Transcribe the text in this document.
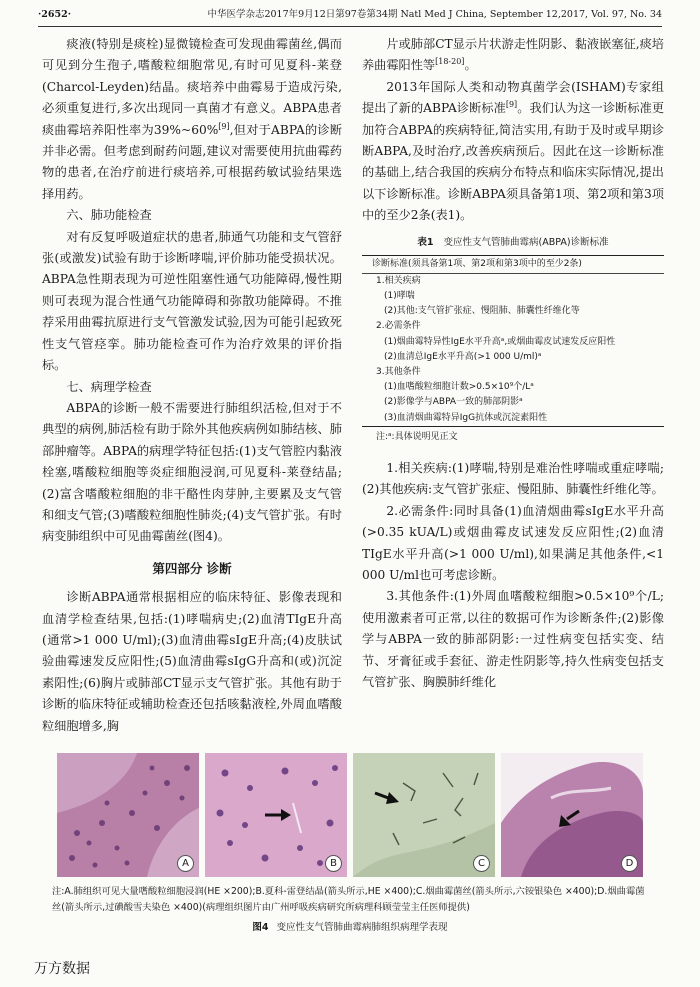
·2652·	中华医学杂志2017年9月12日第97卷第34期 Natl Med J China, September 12,2017, Vol. 97, No. 34

痰液(特别是痰栓)显微镜检查可发现曲霉菌丝,偶而可见到分生孢子,嗜酸粒细胞常见,有时可见夏科-莱登(Charcol-Leyden)结晶。痰培养中曲霉易于造成污染,必须重复进行,多次出现同一真菌才有意义。ABPA患者痰曲霉培养阳性率为39%~60%[9],但对于ABPA的诊断并非必需。但考虑到耐药问题,建议对需要使用抗曲霉药物的患者,在治疗前进行痰培养,可根据药敏试验结果选择用药。

六、肺功能检查

对有反复呼吸道症状的患者,肺通气功能和支气管舒张(或激发)试验有助于诊断哮喘,评价肺功能受损状况。ABPA急性期表现为可逆性阻塞性通气功能障碍,慢性期则可表现为混合性通气功能障碍和弥散功能障碍。不推荐采用曲霉抗原进行支气管激发试验,因为可能引起致死性支气管痉挛。肺功能检查可作为治疗效果的评价指标。

七、病理学检查

ABPA的诊断一般不需要进行肺组织活检,但对于不典型的病例,肺活检有助于除外其他疾病例如肺结核、肺部肿瘤等。ABPA的病理学特征包括:(1)支气管腔内黏液栓塞,嗜酸粒细胞等炎症细胞浸润,可见夏科-莱登结晶;(2)富含嗜酸粒细胞的非干酪性肉芽肿,主要累及支气管和细支气管;(3)嗜酸粒细胞性肺炎;(4)支气管扩张。有时病变肺组织中可见曲霉菌丝(图4)。

第四部分 诊断

诊断ABPA通常根据相应的临床特征、影像表现和血清学检查结果,包括:(1)哮喘病史;(2)血清TIgE升高(通常>1 000 U/ml);(3)血清曲霉sIgE升高;(4)皮肤试验曲霉速发反应阳性;(5)血清曲霉sIgG升高和(或)沉淀素阳性;(6)胸片或肺部CT显示支气管扩张。其他有助于诊断的临床特征或辅助检查还包括咳黏液栓,外周血嗜酸粒细胞增多,胸

片或肺部CT显示片状游走性阴影、黏液嵌塞征,痰培养曲霉阳性等[18-20]。

2013年国际人类和动物真菌学会(ISHAM)专家组提出了新的ABPA诊断标准[9]。我们认为这一诊断标准更加符合ABPA的疾病特征,简洁实用,有助于及时或早期诊断ABPA,及时治疗,改善疾病预后。因此在这一诊断标准的基础上,结合我国的疾病分布特点和临床实际情况,提出以下诊断标准。诊断ABPA须具备第1项、第2项和第3项中的至少2条(表1)。

表1 变应性支气管肺曲霉病(ABPA)诊断标准
诊断标准(须具备第1项、第2项和第3项中的至少2条)
1.相关疾病
(1)哮喘
(2)其他:支气管扩张症、慢阻肺、肺囊性纤维化等
2.必需条件
(1)烟曲霉特异性IgE水平升高ᵃ,或烟曲霉皮试速发反应阳性
(2)血清总IgE水平升高(>1 000 U/ml)ᵃ
3.其他条件
(1)血嗜酸粒细胞计数>0.5×10⁹个/Lᵃ
(2)影像学与ABPA一致的肺部阴影ᵃ
(3)血清烟曲霉特异IgG抗体或沉淀素阳性
注:ᵃ:具体说明见正文

1.相关疾病:(1)哮喘,特别是难治性哮喘或重症哮喘;(2)其他疾病:支气管扩张症、慢阻肺、肺囊性纤维化等。

2.必需条件:同时具备(1)血清烟曲霉sIgE水平升高(>0.35 kUA/L)或烟曲霉皮试速发反应阳性;(2)血清TIgE水平升高(>1 000 U/ml),如果满足其他条件,<1 000 U/ml也可考虑诊断。

3.其他条件:(1)外周血嗜酸粒细胞>0.5×10⁹个/L;使用激素者可正常,以往的数据可作为诊断条件;(2)影像学与ABPA一致的肺部阴影:一过性病变包括实变、结节、牙膏征或手套征、游走性阴影等,持久性病变包括支气管扩张、胸膜肺纤维化

A	B	C	D
注:A.肺组织可见大量嗜酸粒细胞浸润(HE ×200);B.夏科-雷登结晶(箭头所示,HE ×400);C.烟曲霉菌丝(箭头所示,六铵银染色 ×400);D.烟曲霉菌丝(箭头所示,过碘酸雪夫染色 ×400)(病理组织图片由广州呼吸疾病研究所病理科顾莹莹主任医师提供)
图4 变应性支气管肺曲霉病肺组织病理学表现
万方数据
